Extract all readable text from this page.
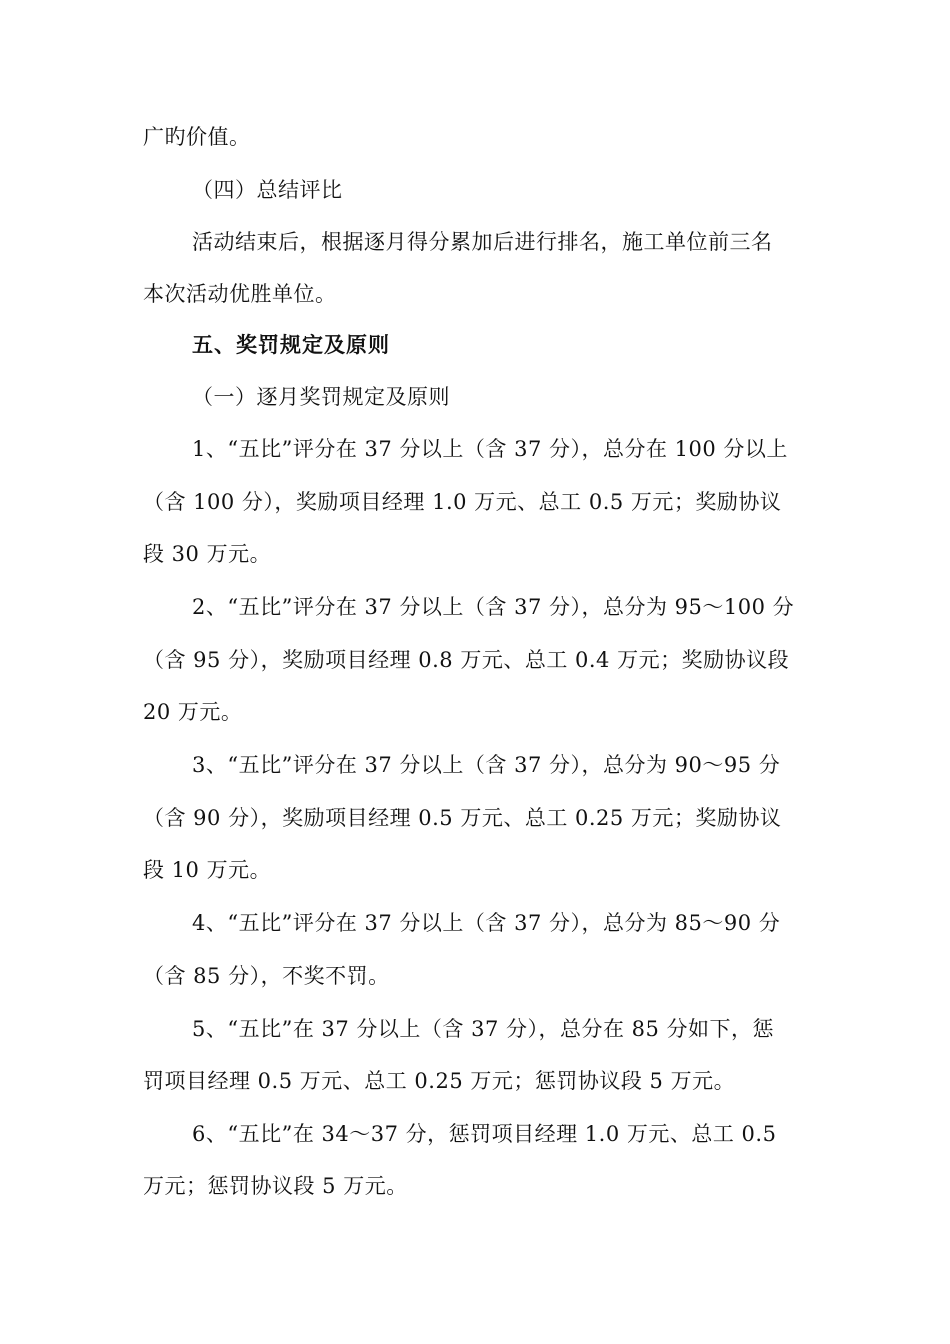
广旳价值。
（四）总结评比
活动结束后，根据逐月得分累加后进行排名，施工单位前三名
本次活动优胜单位。
五、奖罚规定及原则
（一）逐月奖罚规定及原则
1、“五比”评分在 37 分以上（含 37 分），总分在 100 分以上
（含 100 分），奖励项目经理 1.0 万元、总工 0.5 万元；奖励协议
段 30 万元。
2、“五比”评分在 37 分以上（含 37 分），总分为 95～100 分
（含 95 分），奖励项目经理 0.8 万元、总工 0.4 万元；奖励协议段
20 万元。
3、“五比”评分在 37 分以上（含 37 分），总分为 90～95 分
（含 90 分），奖励项目经理 0.5 万元、总工 0.25 万元；奖励协议
段 10 万元。
4、“五比”评分在 37 分以上（含 37 分），总分为 85～90 分
（含 85 分），不奖不罚。
5、“五比”在 37 分以上（含 37 分），总分在 85 分如下，惩
罚项目经理 0.5 万元、总工 0.25 万元；惩罚协议段 5 万元。
6、“五比”在 34～37 分，惩罚项目经理 1.0 万元、总工 0.5
万元；惩罚协议段 5 万元。
